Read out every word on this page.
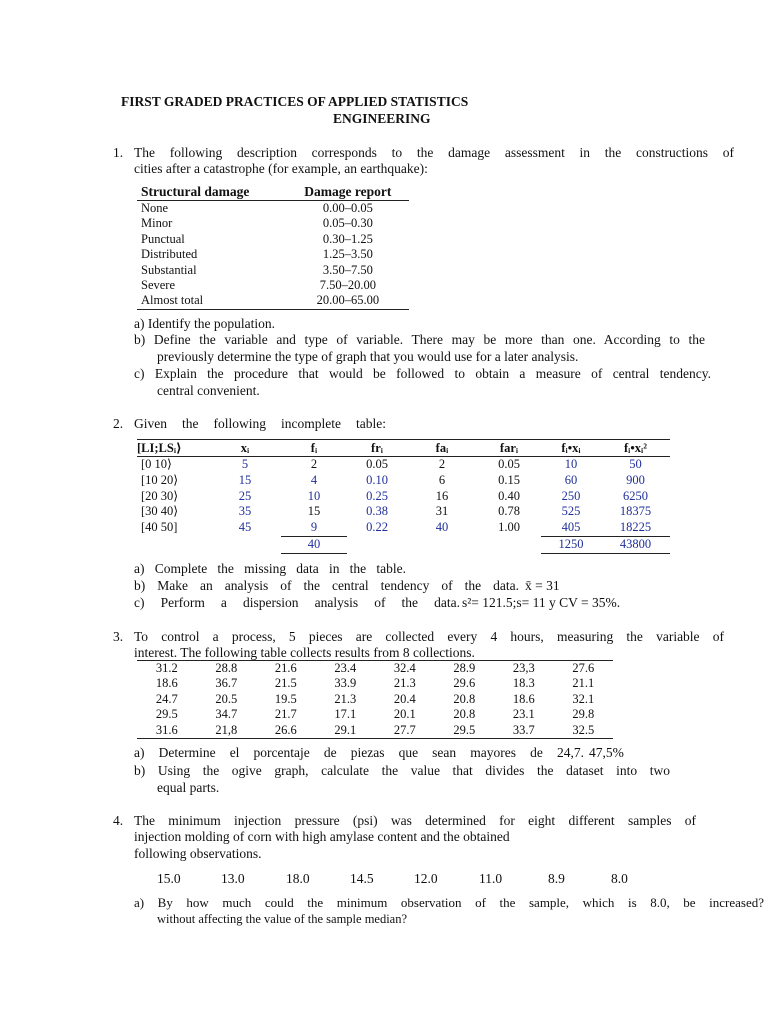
FIRST GRADED PRACTICES OF APPLIED STATISTICS
ENGINEERING
1. The following description corresponds to the damage assessment in the constructions of
cities after a catastrophe (for example, an earthquake):
Structural damage	Damage report
None	0.00–0.05
Minor	0.05–0.30
Punctual	0.30–1.25
Distributed	1.25–3.50
Substantial	3.50–7.50
Severe	7.50–20.00
Almost total	20.00–65.00
a) Identify the population.
b) Define the variable and type of variable. There may be more than one. According to the
previously determine the type of graph that you would use for a later analysis.
c) Explain the procedure that would be followed to obtain a measure of central tendency.
central convenient.
2. Given the following incomplete table:
[LI;LSᵢ⟩	xᵢ	fᵢ	frᵢ	faᵢ	farᵢ	fᵢ•xᵢ	fᵢ•xᵢ²
[0 10⟩	5	2	0.05	2	0.05	10	50
[10 20⟩	15	4	0.10	6	0.15	60	900
[20 30⟩	25	10	0.25	16	0.40	250	6250
[30 40⟩	35	15	0.38	31	0.78	525	18375
[40 50]	45	9	0.22	40	1.00	405	18225
		40				1250	43800
a) Complete the missing data in the table.
b) Make an analysis of the central tendency of the data. x̄ = 31
c) Perform a dispersion analysis of the data. s²= 121.5;s= 11 y CV = 35%.
3. To control a process, 5 pieces are collected every 4 hours, measuring the variable of
interest. The following table collects results from 8 collections.
31.2	28.8	21.6	23.4	32.4	28.9	23,3	27.6
18.6	36.7	21.5	33.9	21.3	29.6	18.3	21.1
24.7	20.5	19.5	21.3	20.4	20.8	18.6	32.1
29.5	34.7	21.7	17.1	20.1	20.8	23.1	29.8
31.6	21,8	26.6	29.1	27.7	29.5	33.7	32.5
a) Determine el porcentaje de piezas que sean mayores de 24,7. 47,5%
b) Using the ogive graph, calculate the value that divides the dataset into two
equal parts.
4. The minimum injection pressure (psi) was determined for eight different samples of
injection molding of corn with high amylase content and the obtained
following observations.
15.0	13.0	18.0	14.5	12.0	11.0	8.9	8.0
a) By how much could the minimum observation of the sample, which is 8.0, be increased?
without affecting the value of the sample median?
